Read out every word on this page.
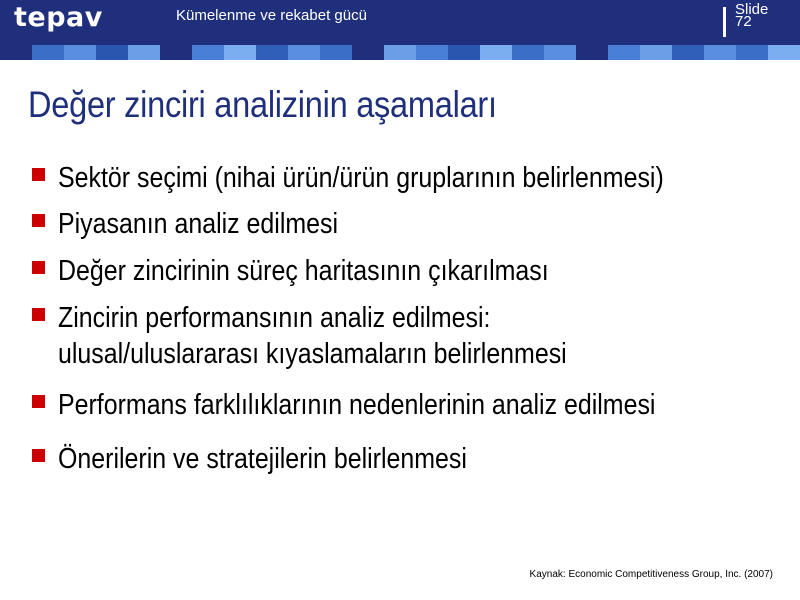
tepav	Kümelenme ve rekabet gücü	Slide
72
Değer zinciri analizinin aşamaları
Sektör seçimi (nihai ürün/ürün gruplarının belirlenmesi)
Piyasanın analiz edilmesi
Değer zincirinin süreç haritasının çıkarılması
Zincirin performansının analiz edilmesi:
ulusal/uluslararası kıyaslamaların belirlenmesi
Performans farklılıklarının nedenlerinin analiz edilmesi
Önerilerin ve stratejilerin belirlenmesi
Kaynak: Economic Competitiveness Group, Inc. (2007)
